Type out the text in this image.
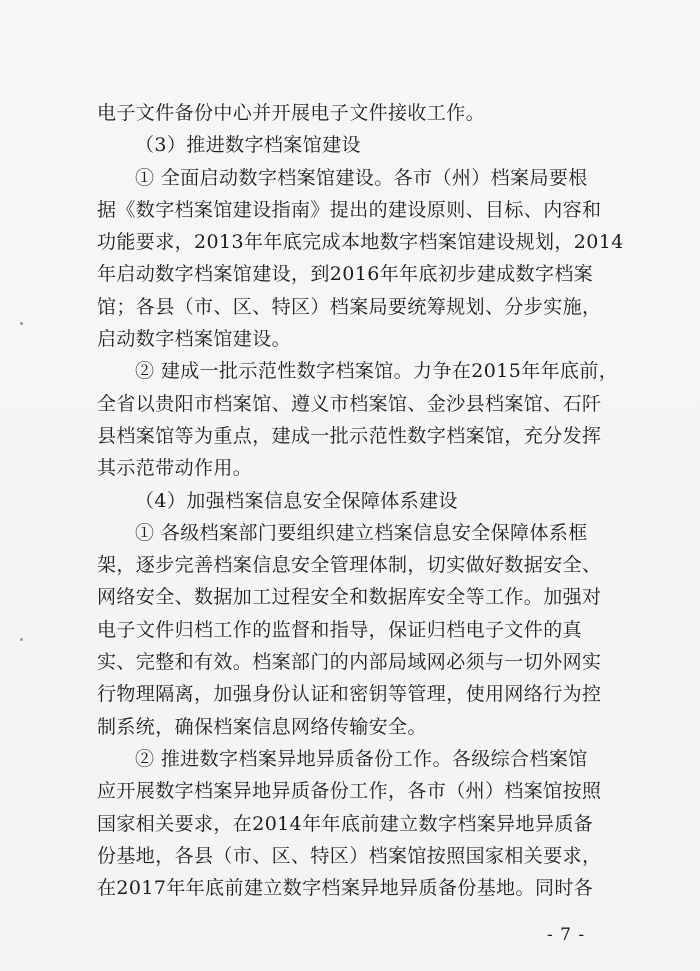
电子文件备份中心并开展电子文件接收工作。
（3）推进数字档案馆建设
① 全面启动数字档案馆建设。各市（州）档案局要根
据《数字档案馆建设指南》提出的建设原则、目标、内容和
功能要求，2013年年底完成本地数字档案馆建设规划，2014
年启动数字档案馆建设，到2016年年底初步建成数字档案
馆；各县（市、区、特区）档案局要统筹规划、分步实施，
启动数字档案馆建设。
② 建成一批示范性数字档案馆。力争在2015年年底前，
全省以贵阳市档案馆、遵义市档案馆、金沙县档案馆、石阡
县档案馆等为重点，建成一批示范性数字档案馆，充分发挥
其示范带动作用。
（4）加强档案信息安全保障体系建设
① 各级档案部门要组织建立档案信息安全保障体系框
架，逐步完善档案信息安全管理体制，切实做好数据安全、
网络安全、数据加工过程安全和数据库安全等工作。加强对
电子文件归档工作的监督和指导，保证归档电子文件的真
实、完整和有效。档案部门的内部局域网必须与一切外网实
行物理隔离，加强身份认证和密钥等管理，使用网络行为控
制系统，确保档案信息网络传输安全。
② 推进数字档案异地异质备份工作。各级综合档案馆
应开展数字档案异地异质备份工作，各市（州）档案馆按照
国家相关要求，在2014年年底前建立数字档案异地异质备
份基地，各县（市、区、特区）档案馆按照国家相关要求，
在2017年年底前建立数字档案异地异质备份基地。同时各
- 7 -
